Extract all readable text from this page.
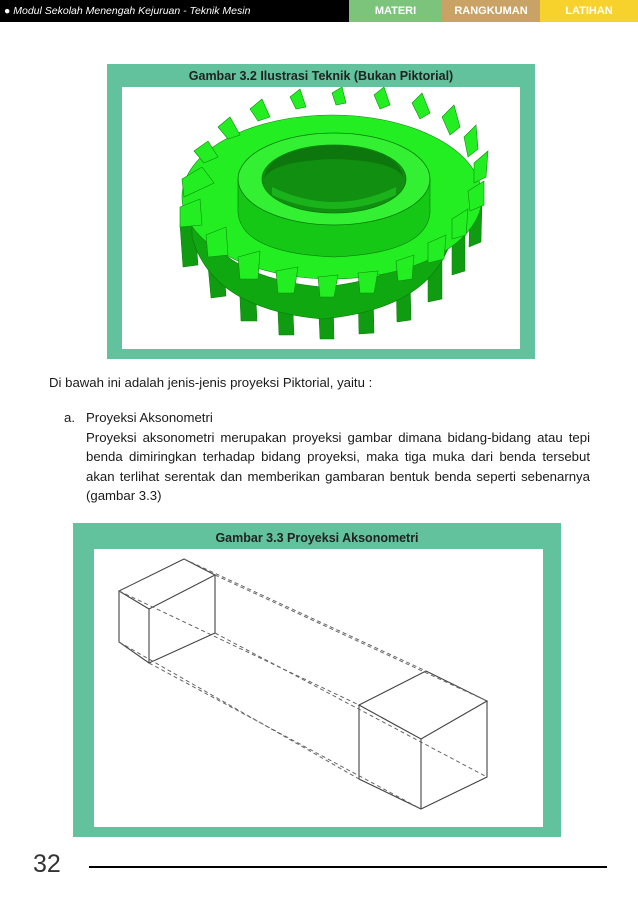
● Modul Sekolah Menengah Kejuruan - Teknik Mesin	MATERI	RANGKUMAN	LATIHAN
Gambar 3.2 Ilustrasi Teknik (Bukan Piktorial)
Di bawah ini adalah jenis-jenis proyeksi Piktorial, yaitu :
a. Proyeksi Aksonometri
Proyeksi aksonometri merupakan proyeksi gambar dimana bidang-bidang atau tepi benda dimiringkan terhadap bidang proyeksi, maka tiga muka dari benda tersebut akan terlihat serentak dan memberikan gambaran bentuk benda seperti sebenarnya (gambar 3.3)
Gambar 3.3 Proyeksi Aksonometri
32
